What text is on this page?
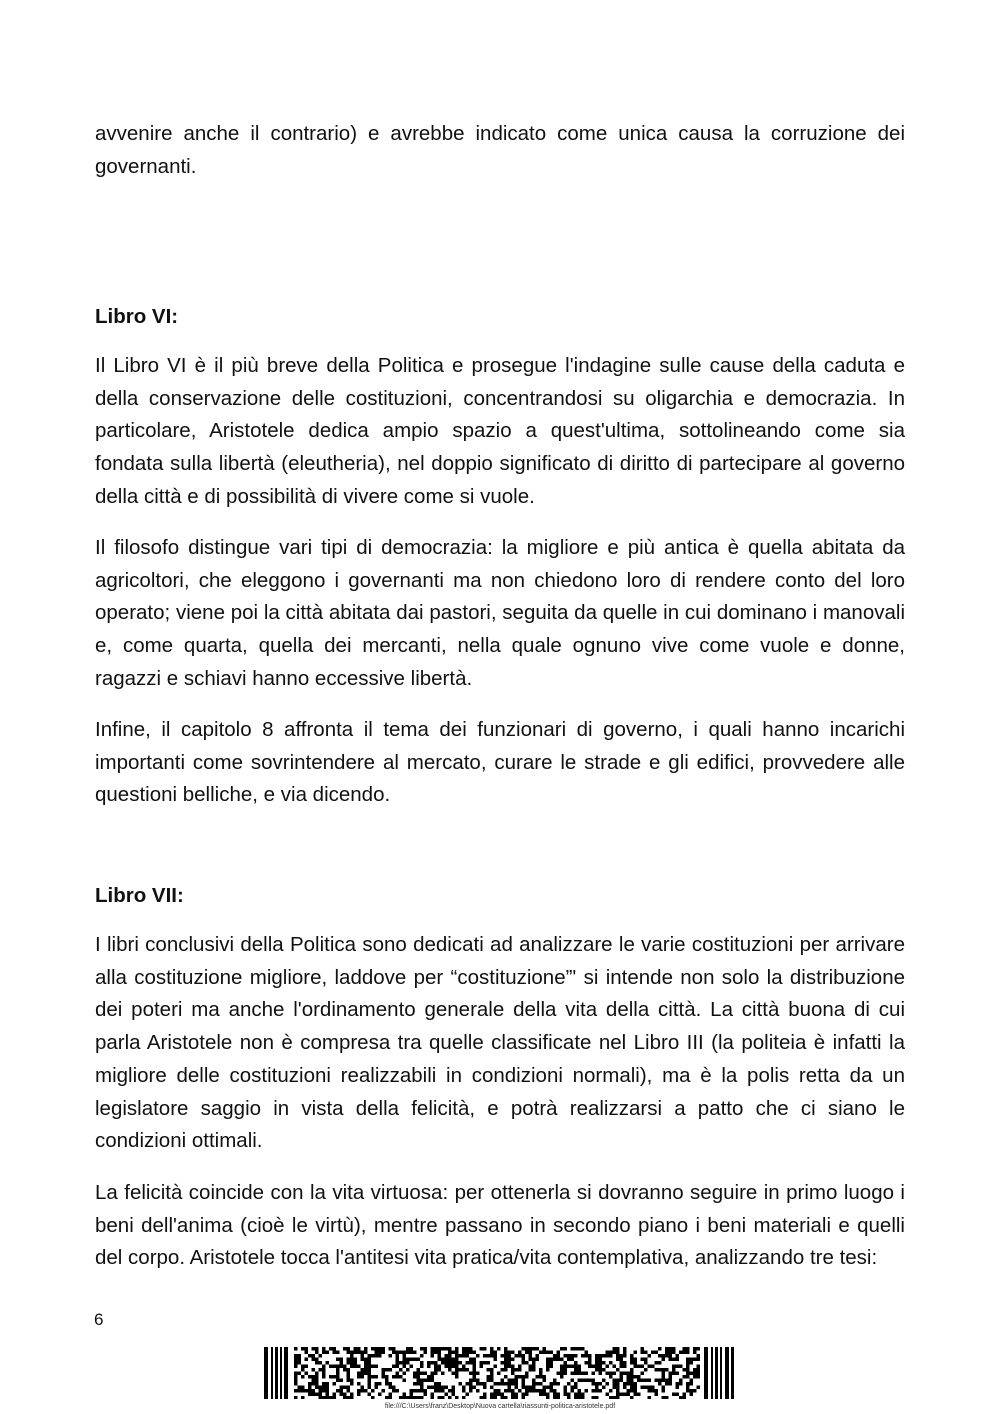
avvenire anche il contrario) e avrebbe indicato come unica causa la corruzione dei governanti.

Libro VI:

Il Libro VI è il più breve della Politica e prosegue l'indagine sulle cause della caduta e della conservazione delle costituzioni, concentrandosi su oligarchia e democrazia. In particolare, Aristotele dedica ampio spazio a quest'ultima, sottolineando come sia fondata sulla libertà (eleutheria), nel doppio significato di diritto di partecipare al governo della città e di possibilità di vivere come si vuole.

Il filosofo distingue vari tipi di democrazia: la migliore e più antica è quella abitata da agricoltori, che eleggono i governanti ma non chiedono loro di rendere conto del loro operato; viene poi la città abitata dai pastori, seguita da quelle in cui dominano i manovali e, come quarta, quella dei mercanti, nella quale ognuno vive come vuole e donne, ragazzi e schiavi hanno eccessive libertà.

Infine, il capitolo 8 affronta il tema dei funzionari di governo, i quali hanno incarichi importanti come sovrintendere al mercato, curare le strade e gli edifici, provvedere alle questioni belliche, e via dicendo.

Libro VII:

I libri conclusivi della Politica sono dedicati ad analizzare le varie costituzioni per arrivare alla costituzione migliore, laddove per “costituzione”' si intende non solo la distribuzione dei poteri ma anche l'ordinamento generale della vita della città. La città buona di cui parla Aristotele non è compresa tra quelle classificate nel Libro III (la politeia è infatti la migliore delle costituzioni realizzabili in condizioni normali), ma è la polis retta da un legislatore saggio in vista della felicità, e potrà realizzarsi a patto che ci siano le condizioni ottimali.

La felicità coincide con la vita virtuosa: per ottenerla si dovranno seguire in primo luogo i beni dell'anima (cioè le virtù), mentre passano in secondo piano i beni materiali e quelli del corpo. Aristotele tocca l'antitesi vita pratica/vita contemplativa, analizzando tre tesi:

6

file:///C:\Users\franz\Desktop\Nuova cartella\riassunti-politica-aristotele.pdf
